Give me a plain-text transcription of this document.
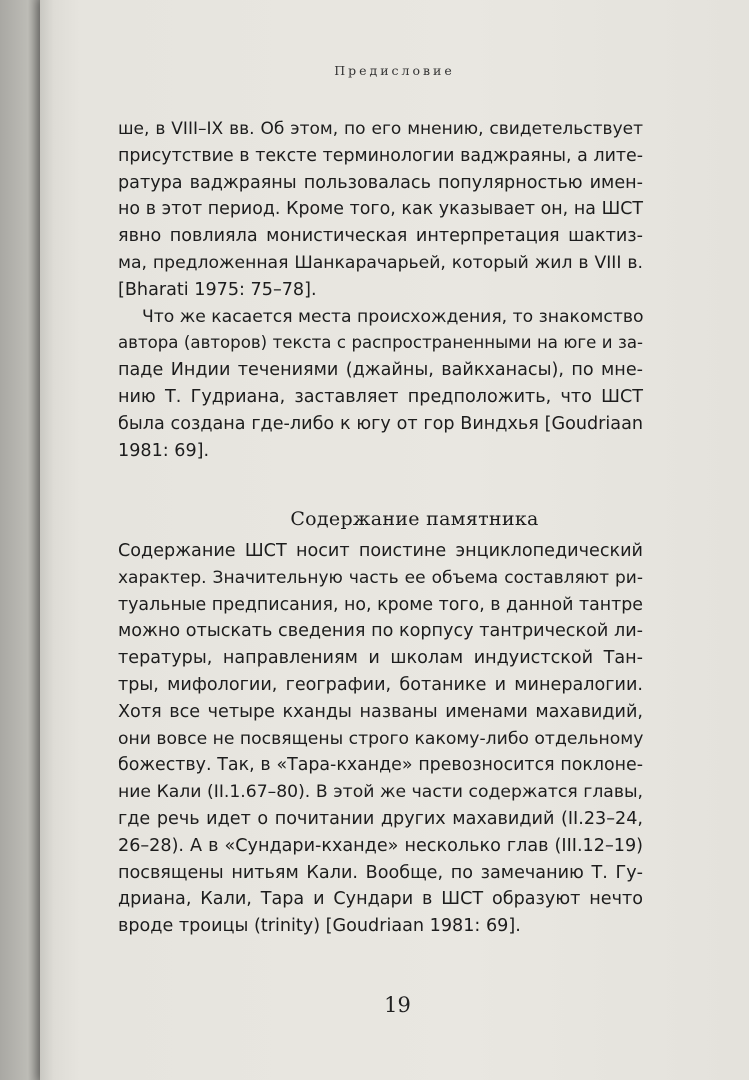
Предисловие
ше, в VIII–IX вв. Об этом, по его мнению, свидетельствует
присутствие в тексте терминологии ваджраяны, а лите-
ратура ваджраяны пользовалась популярностью имен-
но в этот период. Кроме того, как указывает он, на ШСТ
явно повлияла монистическая интерпретация шактиз-
ма, предложенная Шанкарачарьей, который жил в VIII в.
[Bharati 1975: 75–78].
Что же касается места происхождения, то знакомство
автора (авторов) текста с распространенными на юге и за-
паде Индии течениями (джайны, вайкханасы), по мне-
нию Т. Гудриана, заставляет предположить, что ШСТ
была создана где-либо к югу от гор Виндхья [Goudriaan
1981: 69].
Содержание памятника
Содержание ШСТ носит поистине энциклопедический
характер. Значительную часть ее объема составляют ри-
туальные предписания, но, кроме того, в данной тантре
можно отыскать сведения по корпусу тантрической ли-
тературы, направлениям и школам индуистской Тан-
тры, мифологии, географии, ботанике и минералогии.
Хотя все четыре кханды названы именами махавидий,
они вовсе не посвящены строго какому-либо отдельному
божеству. Так, в «Тара-кханде» превозносится поклоне-
ние Кали (II.1.67–80). В этой же части содержатся главы,
где речь идет о почитании других махавидий (II.23–24,
26–28). А в «Сундари-кханде» несколько глав (III.12–19)
посвящены нитьям Кали. Вообще, по замечанию Т. Гу-
дриана, Кали, Тара и Сундари в ШСТ образуют нечто
вроде троицы (trinity) [Goudriaan 1981: 69].
19
